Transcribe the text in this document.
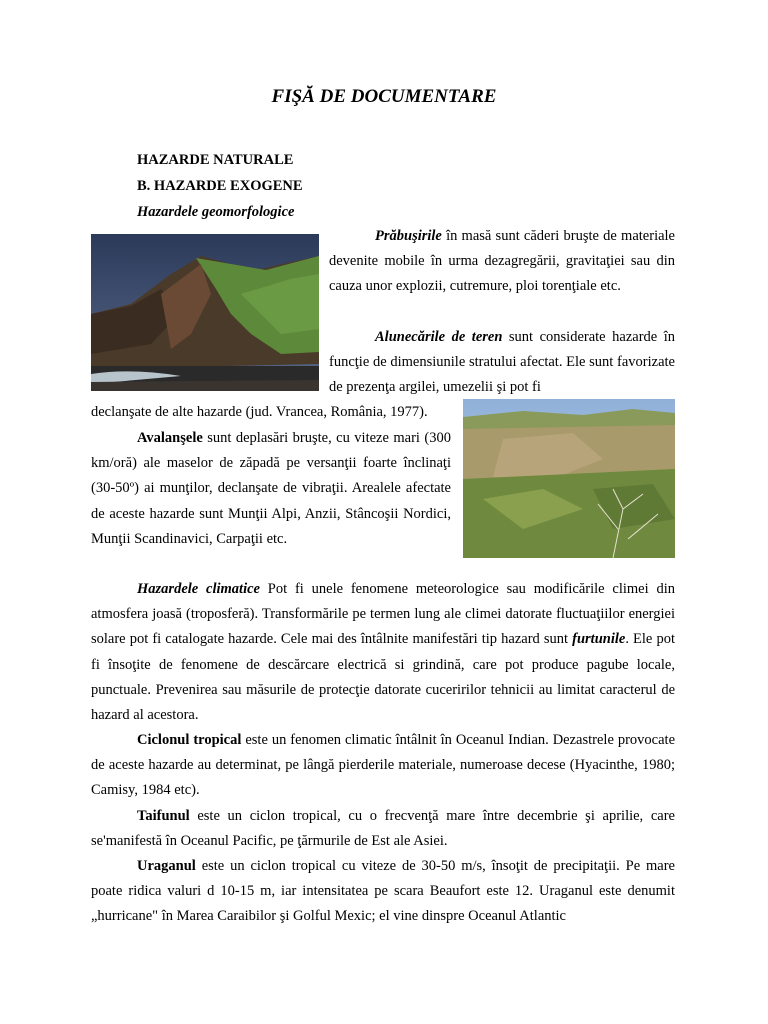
FIŞĂ DE DOCUMENTARE

HAZARDE NATURALE

B. HAZARDE EXOGENE

Hazardele geomorfologice

Prăbuşirile în masă sunt căderi bruşte de materiale devenite mobile în urma dezagregării, gravitaţiei sau din cauza unor explozii, cutremure, ploi torenţiale etc.

Alunecările de teren sunt considerate hazarde în funcţie de dimensiunile stratului afectat. Ele sunt favorizate de prezenţa argilei, umezelii şi pot fi

declanşate de alte hazarde (jud. Vrancea, România, 1977).

Avalanşele sunt deplasări bruşte, cu viteze mari (300 km/oră) ale maselor de zăpadă pe versanţii foarte înclinaţi (30-50º) ai munţilor, declanşate de vibraţii. Arealele afectate de aceste hazarde sunt Munţii Alpi, Anzii, Stâncoşii Nordici, Munţii Scandinavici, Carpaţii etc.

Hazardele climatice Pot fi unele fenomene meteorologice sau modificările climei din atmosfera joasă (troposferă). Transformările pe termen lung ale climei datorate fluctuaţiilor energiei solare pot fi catalogate hazarde. Cele mai des întâlnite manifestări tip hazard sunt furtunile. Ele pot fi însoţite de fenomene de descărcare electrică si grindină, care pot produce pagube locale, punctuale. Prevenirea sau măsurile de protecţie datorate cuceririlor tehnicii au limitat caracterul de hazard al acestora.

Ciclonul tropical este un fenomen climatic întâlnit în Oceanul Indian. Dezastrele provocate de aceste hazarde au determinat, pe lângă pierderile materiale, numeroase decese (Hyacinthe, 1980; Camisy, 1984 etc).

Taifunul este un ciclon tropical, cu o frecvenţă mare între decembrie şi aprilie, care se'manifestă în Oceanul Pacific, pe ţărmurile de Est ale Asiei.

Uraganul este un ciclon tropical cu viteze de 30-50 m/s, însoţit de precipitaţii. Pe mare poate ridica valuri d 10-15 m, iar intensitatea pe scara Beaufort este 12. Uraganul este denumit „hurricane" în Marea Caraibilor şi Golful Mexic; el vine dinspre Oceanul Atlantic
